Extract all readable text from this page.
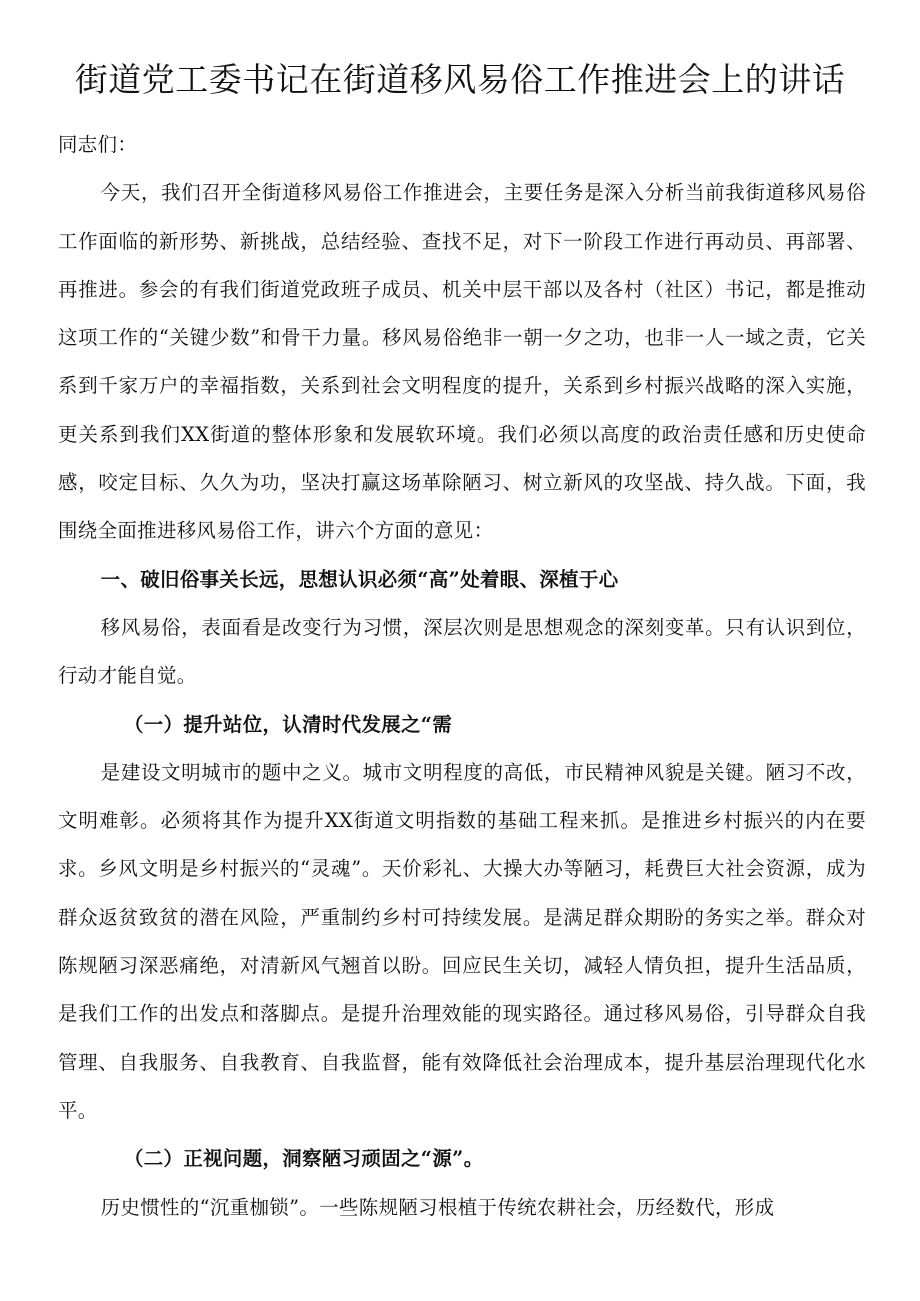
街道党工委书记在街道移风易俗工作推进会上的讲话

同志们：

今天，我们召开全街道移风易俗工作推进会，主要任务是深入分析当前我街道移风易俗工作面临的新形势、新挑战，总结经验、查找不足，对下一阶段工作进行再动员、再部署、再推进。参会的有我们街道党政班子成员、机关中层干部以及各村（社区）书记，都是推动这项工作的“关键少数”和骨干力量。移风易俗绝非一朝一夕之功，也非一人一域之责，它关系到千家万户的幸福指数，关系到社会文明程度的提升，关系到乡村振兴战略的深入实施，更关系到我们XX街道的整体形象和发展软环境。我们必须以高度的政治责任感和历史使命感，咬定目标、久久为功，坚决打赢这场革除陋习、树立新风的攻坚战、持久战。下面，我围绕全面推进移风易俗工作，讲六个方面的意见：

一、破旧俗事关长远，思想认识必须“高”处着眼、深植于心

移风易俗，表面看是改变行为习惯，深层次则是思想观念的深刻变革。只有认识到位，行动才能自觉。

（一）提升站位，认清时代发展之“需

是建设文明城市的题中之义。城市文明程度的高低，市民精神风貌是关键。陋习不改，文明难彰。必须将其作为提升XX街道文明指数的基础工程来抓。是推进乡村振兴的内在要求。乡风文明是乡村振兴的“灵魂”。天价彩礼、大操大办等陋习，耗费巨大社会资源，成为群众返贫致贫的潜在风险，严重制约乡村可持续发展。是满足群众期盼的务实之举。群众对陈规陋习深恶痛绝，对清新风气翘首以盼。回应民生关切，减轻人情负担，提升生活品质，是我们工作的出发点和落脚点。是提升治理效能的现实路径。通过移风易俗，引导群众自我管理、自我服务、自我教育、自我监督，能有效降低社会治理成本，提升基层治理现代化水平。

（二）正视问题，洞察陋习顽固之“源”。

历史惯性的“沉重枷锁”。一些陈规陋习根植于传统农耕社会，历经数代，形成
